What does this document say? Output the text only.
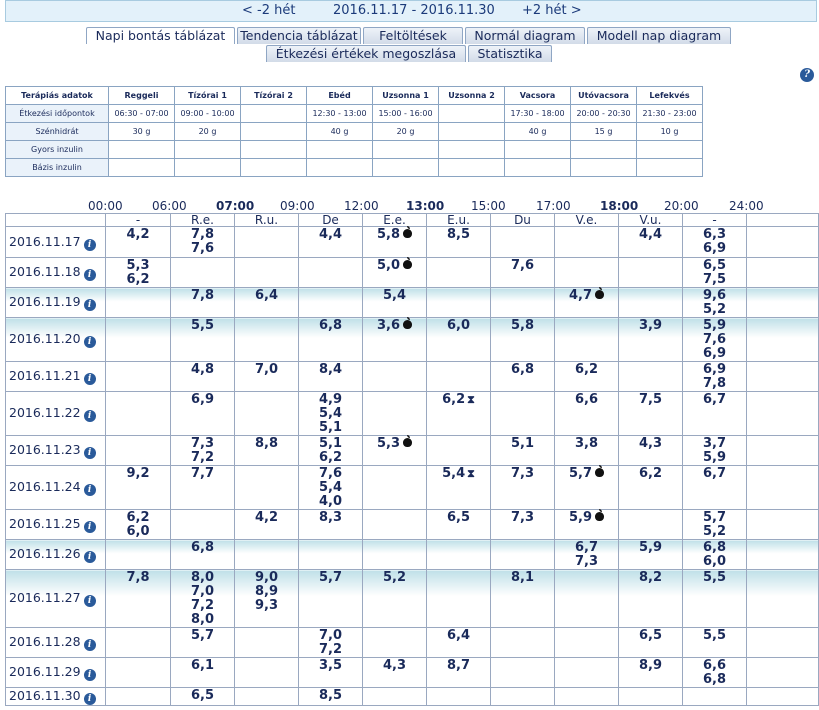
< -2 hét	2016.11.17 - 2016.11.30 +2 hét >
Napi bontás táblázat	Tendencia táblázat	Feltöltések	Normál diagram	Modell nap diagram
Étkezési értékek megoszlása	Statisztika
?
Terápiás adatok	Reggeli	Tízórai 1	Tízórai 2	Ebéd	Uzsonna 1	Uzsonna 2	Vacsora	Utóvacsora	Lefekvés
Étkezési időpontok	06:30 - 07:00	09:00 - 10:00		12:30 - 13:00	15:00 - 16:00		17:30 - 18:00	20:00 - 20:30	21:30 - 23:00
Szénhidrát	30 g	20 g		40 g	20 g		40 g	15 g	10 g
Gyors inzulin									
Bázis inzulin									
00:00 06:00 07:00 09:00 12:00 13:00 15:00	17:00 18:00 20:00	24:00
	-	R.e.	R.u.	De	E.e.	E.u.	Du	V.e.	V.u.	-	
2016.11.17 i	4,2	7,8
7,6		4,4	5,8	8,5			4,4	6,3
6,9	

2016.11.18 i	5,3
6,2				5,0		7,6			6,5
7,5	

2016.11.19 i		7,8	6,4		5,4			4,7		9,6
5,2	

2016.11.20 i		5,5		6,8	3,6	6,0	5,8		3,9	5,9
7,6
6,9	

2016.11.21 i		4,8	7,0	8,4			6,8	6,2		6,9
7,8	

2016.11.22 i		6,9		4,9
5,4
5,1		6,2 ⧗		6,6	7,5	6,7	

2016.11.23 i		7,3
7,2	8,8	5,1
6,2	5,3		5,1	3,8	4,3	3,7
5,9	

2016.11.24 i	9,2	7,7		7,6
5,4
4,0		5,4 ⧗	7,3	5,7	6,2	6,7	

2016.11.25 i	6,2
6,0		4,2	8,3		6,5	7,3	5,9		5,7
5,2	

2016.11.26 i		6,8						6,7
7,3	5,9	6,8
6,0	

2016.11.27 i	7,8	8,0
7,0
7,2
8,0	9,0
8,9
9,3	5,7	5,2		8,1		8,2	5,5	

2016.11.28 i		5,7		7,0
7,2		6,4			6,5	5,5	

2016.11.29 i		6,1		3,5	4,3	8,7			8,9	6,6
6,8	

2016.11.30 i		6,5		8,5							
